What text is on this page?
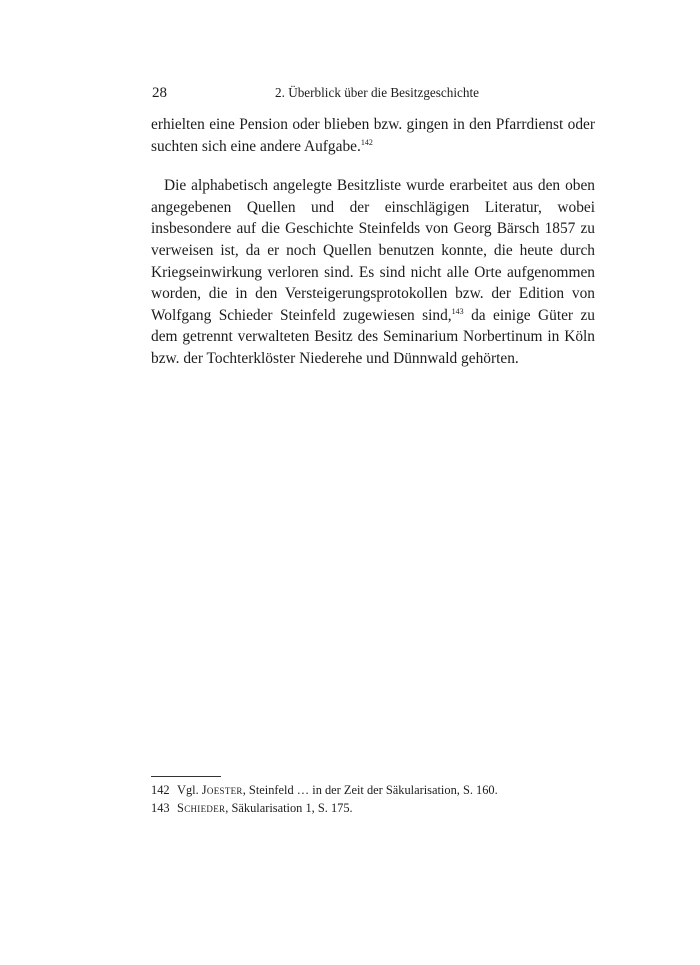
28	2. Überblick über die Besitzgeschichte

erhielten eine Pension oder blieben bzw. gingen in den Pfarrdienst oder suchten sich eine andere Aufgabe.$^{142}$

Die alphabetisch angelegte Besitzliste wurde erarbeitet aus den oben angegebenen Quellen und der einschlägigen Literatur, wobei insbesondere auf die Geschichte Steinfelds von Georg Bärsch 1857 zu verweisen ist, da er noch Quellen benutzen konnte, die heute durch Kriegseinwirkung verloren sind. Es sind nicht alle Orte aufgenommen worden, die in den Versteigerungsprotokollen bzw. der Edition von Wolfgang Schieder Steinfeld zugewiesen sind,$^{143}$ da einige Güter zu dem getrennt verwalteten Besitz des Seminarium Norbertinum in Köln bzw. der Tochterklöster Niederehe und Dünnwald gehörten.

142 Vgl. Joester, Steinfeld … in der Zeit der Säkularisation, S. 160.
143 Schieder, Säkularisation 1, S. 175.
